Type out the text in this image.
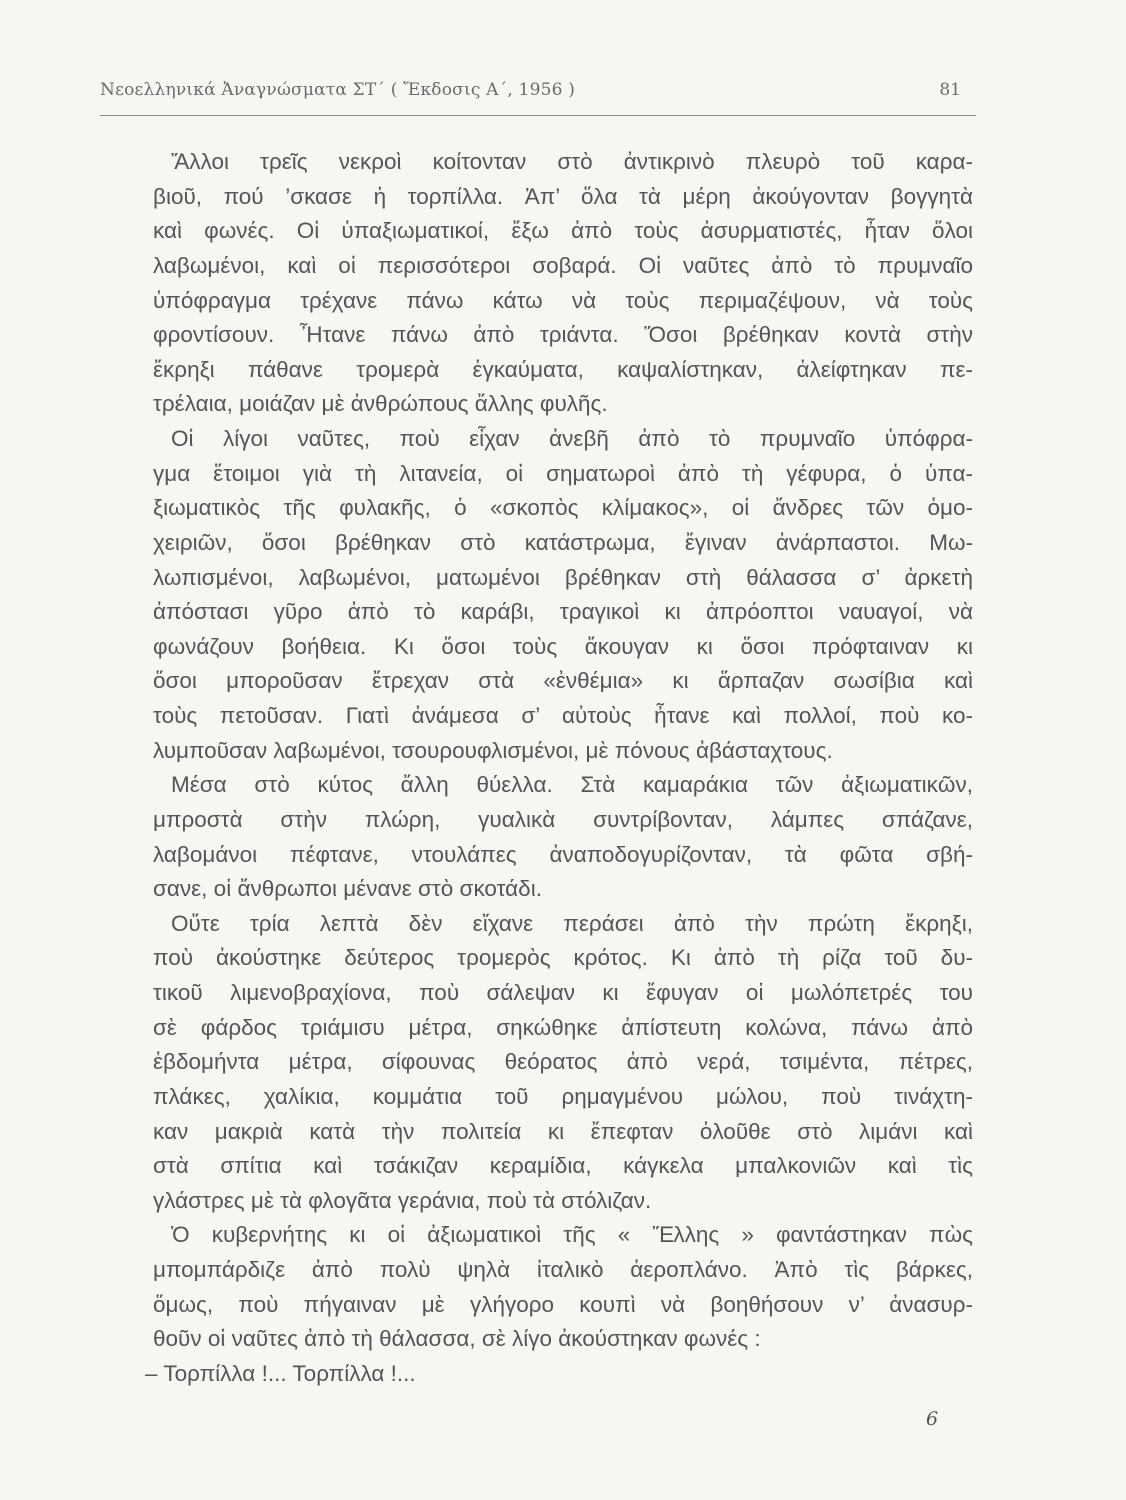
Νεοελληνικά Ἀναγνώσματα ΣΤ΄ ( Ἔκδοσις Α΄, 1956 )	81
Ἄλλοι τρεῖς νεκροὶ κοίτονταν στὸ ἀντικρινὸ πλευρὸ τοῦ καρα-
βιοῦ, πού ’σκασε ἡ τορπίλλα. Ἀπ’ ὅλα τὰ μέρη ἀκούγονταν βογγητὰ
καὶ φωνές. Οἱ ὑπαξιωματικοί, ἔξω ἀπὸ τοὺς ἀσυρματιστές, ἦταν ὅλοι
λαβωμένοι, καὶ οἱ περισσότεροι σοβαρά. Οἱ ναῦτες ἀπὸ τὸ πρυμναῖο
ὑπόφραγμα τρέχανε πάνω κάτω νὰ τοὺς περιμαζέψουν, νὰ τοὺς
φροντίσουν. Ἦτανε πάνω ἀπὸ τριάντα. Ὅσοι βρέθηκαν κοντὰ στὴν
ἔκρηξι πάθανε τρομερὰ ἐγκαύματα, καψαλίστηκαν, ἀλείφτηκαν πε-
τρέλαια, μοιάζαν μὲ ἀνθρώπους ἄλλης φυλῆς.
Οἱ λίγοι ναῦτες, ποὺ εἶχαν ἀνεβῆ ἀπὸ τὸ πρυμναῖο ὑπόφρα-
γμα ἕτοιμοι γιὰ τὴ λιτανεία, οἱ σηματωροὶ ἀπὸ τὴ γέφυρα, ὁ ὑπα-
ξιωματικὸς τῆς φυλακῆς, ὁ «σκοπὸς κλίμακος», οἱ ἄνδρες τῶν ὁμο-
χειριῶν, ὅσοι βρέθηκαν στὸ κατάστρωμα, ἔγιναν ἀνάρπαστοι. Μω-
λωπισμένοι, λαβωμένοι, ματωμένοι βρέθηκαν στὴ θάλασσα σ’ ἀρκετὴ
ἀπόστασι γῦρο ἀπὸ τὸ καράβι, τραγικοὶ κι ἀπρόοπτοι ναυαγοί, νὰ
φωνάζουν βοήθεια. Κι ὅσοι τοὺς ἄκουγαν κι ὅσοι πρόφταιναν κι
ὅσοι μποροῦσαν ἔτρεχαν στὰ «ἐνθέμια» κι ἅρπαζαν σωσίβια καὶ
τοὺς πετοῦσαν. Γιατὶ ἀνάμεσα σ’ αὐτοὺς ἦτανε καὶ πολλοί, ποὺ κο-
λυμποῦσαν λαβωμένοι, τσουρουφλισμένοι, μὲ πόνους ἀβάσταχτους.
Μέσα στὸ κύτος ἄλλη θύελλα. Στὰ καμαράκια τῶν ἀξιωματικῶν,
μπροστὰ στὴν πλώρη, γυαλικὰ συντρίβονταν, λάμπες σπάζανε,
λαβομάνοι πέφτανε, ντουλάπες ἀναποδογυρίζονταν, τὰ φῶτα σβή-
σανε, οἱ ἄνθρωποι μένανε στὸ σκοτάδι.
Οὔτε τρία λεπτὰ δὲν εἴχανε περάσει ἀπὸ τὴν πρώτη ἔκρηξι,
ποὺ ἀκούστηκε δεύτερος τρομερὸς κρότος. Κι ἀπὸ τὴ ρίζα τοῦ δυ-
τικοῦ λιμενοβραχίονα, ποὺ σάλεψαν κι ἔφυγαν οἱ μωλόπετρές του
σὲ φάρδος τριάμισυ μέτρα, σηκώθηκε ἀπίστευτη κολώνα, πάνω ἀπὸ
ἑβδομήντα μέτρα, σίφουνας θεόρατος ἀπὸ νερά, τσιμέντα, πέτρες,
πλάκες, χαλίκια, κομμάτια τοῦ ρημαγμένου μώλου, ποὺ τινάχτη-
καν μακριὰ κατὰ τὴν πολιτεία κι ἔπεφταν ὁλοῦθε στὸ λιμάνι καὶ
στὰ σπίτια καὶ τσάκιζαν κεραμίδια, κάγκελα μπαλκονιῶν καὶ τὶς
γλάστρες μὲ τὰ φλογᾶτα γεράνια, ποὺ τὰ στόλιζαν.
Ὁ κυβερνήτης κι οἱ ἀξιωματικοὶ τῆς « Ἔλλης » φαντάστηκαν πὼς
μπομπάρδιζε ἀπὸ πολὺ ψηλὰ ἰταλικὸ ἀεροπλάνο. Ἀπὸ τὶς βάρκες,
ὅμως, ποὺ πήγαιναν μὲ γλήγορο κουπὶ νὰ βοηθήσουν ν’ ἀνασυρ-
θοῦν οἱ ναῦτες ἀπὸ τὴ θάλασσα, σὲ λίγο ἀκούστηκαν φωνές :
– Τορπίλλα !... Τορπίλλα !...
6
